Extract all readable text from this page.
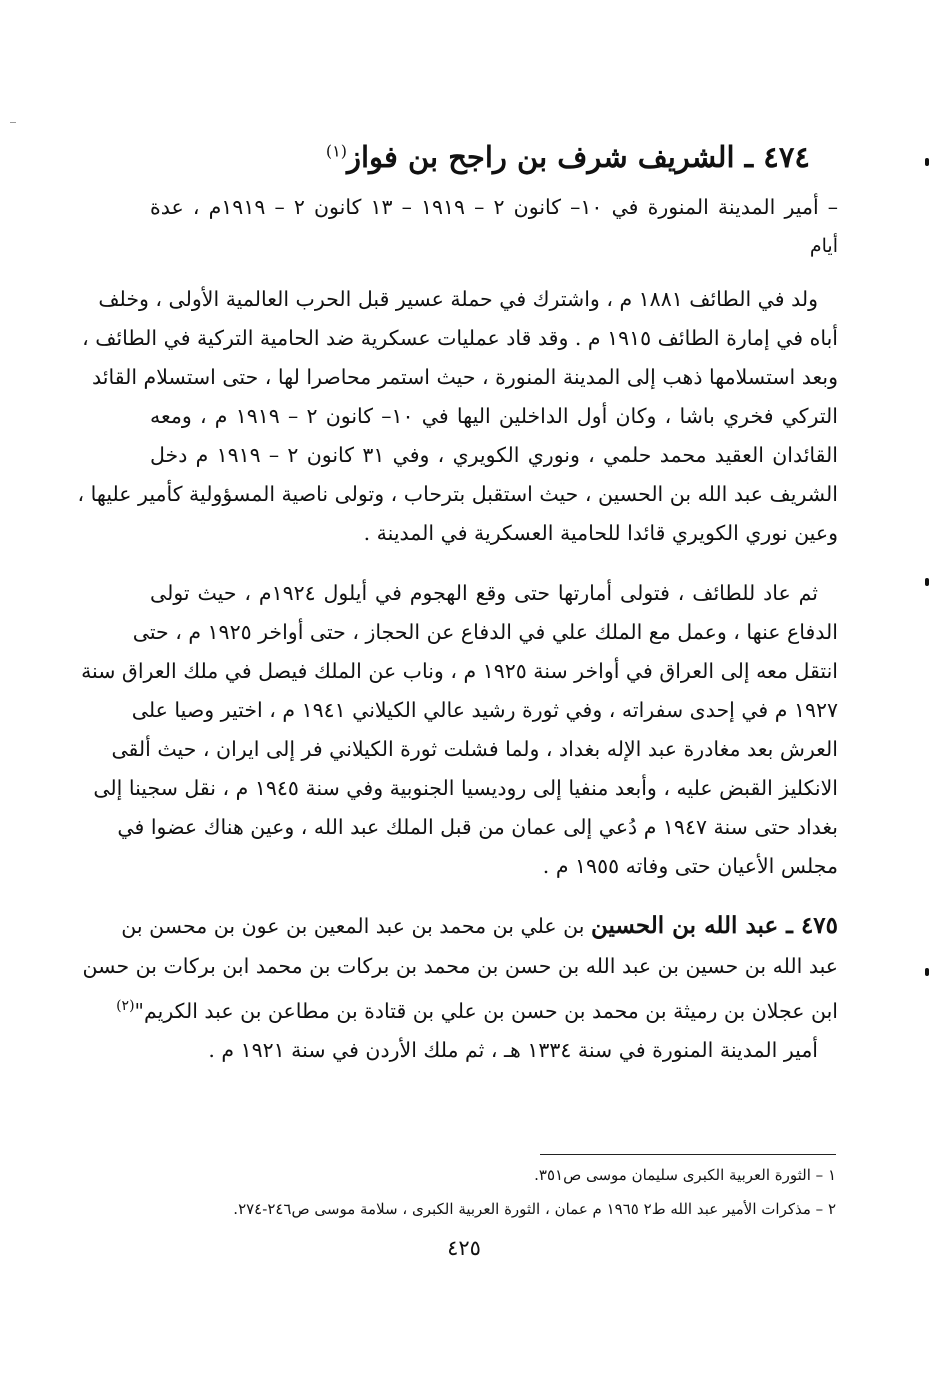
٤٧٤ ـ الشريف شرف بن راجح بن فواز$^{(١)}$
– أمير المدينة المنورة في ١٠– كانون ٢ – ١٩١٩ – ١٣ كانون ٢ – ١٩١٩م ، عدة
أيام
ولد في الطائف ١٨٨١ م ، واشترك في حملة عسير قبل الحرب العالمية الأولى ، وخلف
أباه في إمارة الطائف ١٩١٥ م . وقد قاد عمليات عسكرية ضد الحامية التركية في الطائف ،
وبعد استسلامها ذهب إلى المدينة المنورة ، حيث استمر محاصرا لها ، حتى استسلام القائد
التركي فخري باشا ، وكان أول الداخلين اليها في ١٠– كانون ٢ – ١٩١٩ م ، ومعه
القائدان العقيد محمد حلمي ، ونوري الكويري ، وفي ٣١ كانون ٢ – ١٩١٩ م دخل
الشريف عبد الله بن الحسين ، حيث استقبل بترحاب ، وتولى ناصية المسؤولية كأمير عليها ،
وعين نوري الكويري قائدا للحامية العسكرية في المدينة .
ثم عاد للطائف ، فتولى أمارتها حتى وقع الهجوم في أيلول ١٩٢٤م ، حيث تولى
الدفاع عنها ، وعمل مع الملك علي في الدفاع عن الحجاز ، حتى أواخر ١٩٢٥ م ، حتى
انتقل معه إلى العراق في أواخر سنة ١٩٢٥ م ، وناب عن الملك فيصل في ملك العراق سنة
١٩٢٧ م في إحدى سفراته ، وفي ثورة رشيد عالي الكيلاني ١٩٤١ م ، اختير وصيا على
العرش بعد مغادرة عبد الإله بغداد ، ولما فشلت ثورة الكيلاني فر إلى ايران ، حيث ألقى
الانكليز القبض عليه ، وأبعد منفيا إلى روديسيا الجنوبية وفي سنة ١٩٤٥ م ، نقل سجينا إلى
بغداد حتى سنة ١٩٤٧ م دُعي إلى عمان من قبل الملك عبد الله ، وعين هناك عضوا في
مجلس الأعيان حتى وفاته ١٩٥٥ م .
٤٧٥ ـ عبد الله بن الحسين بن علي بن محمد بن عبد المعين بن عون بن محسن بن
عبد الله بن حسين بن عبد الله بن حسن بن محمد بن بركات بن محمد ابن بركات بن حسن
ابن عجلان بن رميثة بن محمد بن حسن بن علي بن قتادة بن مطاعن بن عبد الكريم"$^{(٢)}$
أمير المدينة المنورة في سنة ١٣٣٤ هـ ، ثم ملك الأردن في سنة ١٩٢١ م .
١ – الثورة العربية الكبرى سليمان موسى ص٣٥١.
٢ – مذكرات الأمير عبد الله ط٢ ١٩٦٥ م عمان ، الثورة العربية الكبرى ، سلامة موسى ص٢٤٦-٢٧٤.
٤٢٥
